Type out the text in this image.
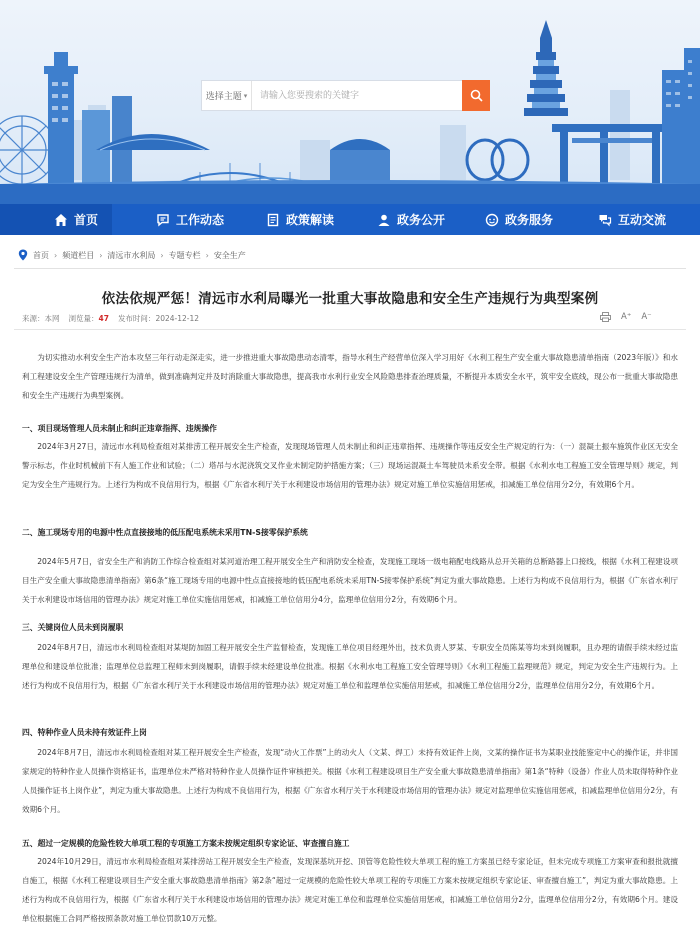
选择主题 ▾
请输入您要搜索的关键字
首页	工作动态	政策解读	政务公开	政务服务	互动交流
首页 › 频道栏目 › 清远市水利局 › 专题专栏 › 安全生产
依法依规严惩！清远市水利局曝光一批重大事故隐患和安全生产违规行为典型案例
来源：本网 浏览量：47 发布时间：2024-12-12	A⁺ A⁻

为切实推动水利安全生产治本攻坚三年行动走深走实，进一步推进重大事故隐患动态清零，指导水利生产经营单位深入学习用好《水利工程生产安全重大事故隐患清单指南（2023年版）》和水利工程建设安全生产管理违规行为清单，做到准确判定并及时消除重大事故隐患，提高我市水利行业安全风险隐患排查治理质量，不断提升本质安全水平，筑牢安全底线，现公布一批重大事故隐患和安全生产违规行为典型案例。

一、项目现场管理人员未制止和纠正违章指挥、违规操作

2024年3月27日，清远市水利局检查组对某排涝工程开展安全生产检查，发现现场管理人员未制止和纠正违章指挥、违规操作等违反安全生产规定的行为：（一）混凝土振车施筑作业区无安全警示标志，作业时机械前下有人施工作业和试验；（二）塔吊与水泥浇筑交叉作业未制定防护措施方案；（三）现场运混凝土车驾驶员未系安全带。根据《水利水电工程施工安全管理导则》规定，判定为安全生产违规行为。上述行为构成不良信用行为，根据《广东省水利厅关于水利建设市场信用的管理办法》规定对施工单位实施信用惩戒，扣减施工单位信用分2分，有效期6个月。

二、施工现场专用的电源中性点直接接地的低压配电系统未采用TN-S接零保护系统

2024年5月7日，省安全生产和消防工作综合检查组对某河道治理工程开展安全生产和消防安全检查，发现施工现场一级电箱配电线路从总开关箱的总断路器上口接线，根据《水利工程建设项目生产安全重大事故隐患清单指南》第6条“施工现场专用的电源中性点直接接地的低压配电系统未采用TN-S接零保护系统”判定为重大事故隐患。上述行为构成不良信用行为，根据《广东省水利厅关于水利建设市场信用的管理办法》规定对施工单位实施信用惩戒，扣减施工单位信用分4分，监理单位信用分2分，有效期6个月。

三、关键岗位人员未到岗履职

2024年8月7日，清远市水利局检查组对某堤防加固工程开展安全生产监督检查，发现施工单位项目经理外出，技术负责人罗某、专职安全员陈某等均未到岗履职，且办理的请假手续未经过监理单位和建设单位批准；监理单位总监理工程师未到岗履职，请假手续未经建设单位批准。根据《水利水电工程施工安全管理导则》《水利工程施工监理规范》规定，判定为安全生产违规行为。上述行为构成不良信用行为，根据《广东省水利厅关于水利建设市场信用的管理办法》规定对施工单位和监理单位实施信用惩戒，扣减施工单位信用分2分，监理单位信用分2分，有效期6个月。

四、特种作业人员未持有效证件上岗

2024年8月7日，清远市水利局检查组对某工程开展安全生产检查，发现“动火工作票”上的动火人（文某、焊工）未持有效证件上岗，文某的操作证书为某职业技能鉴定中心的操作证，并非国家规定的特种作业人员操作资格证书，监理单位未严格对特种作业人员操作证件审核把关。根据《水利工程建设项目生产安全重大事故隐患清单指南》第1条“特种（设备）作业人员未取得特种作业人员操作证书上岗作业”，判定为重大事故隐患。上述行为构成不良信用行为，根据《广东省水利厅关于水利建设市场信用的管理办法》规定对监理单位实施信用惩戒，扣减监理单位信用分2分，有效期6个月。

五、超过一定规模的危险性较大单项工程的专项施工方案未按规定组织专家论证、审查擅自施工

2024年10月29日，清远市水利局检查组对某排涝站工程开展安全生产检查，发现深基坑开挖、顶管等危险性较大单项工程的施工方案虽已经专家论证，但未完成专项施工方案审查和报批就擅自施工，根据《水利工程建设项目生产安全重大事故隐患清单指南》第2条“超过一定规模的危险性较大单项工程的专项施工方案未按规定组织专家论证、审查擅自施工”，判定为重大事故隐患。上述行为构成不良信用行为，根据《广东省水利厅关于水利建设市场信用的管理办法》规定对施工单位和监理单位实施信用惩戒，扣减施工单位信用分2分，监理单位信用分2分，有效期6个月。建设单位根据施工合同严格按照条款对施工单位罚款10万元整。
